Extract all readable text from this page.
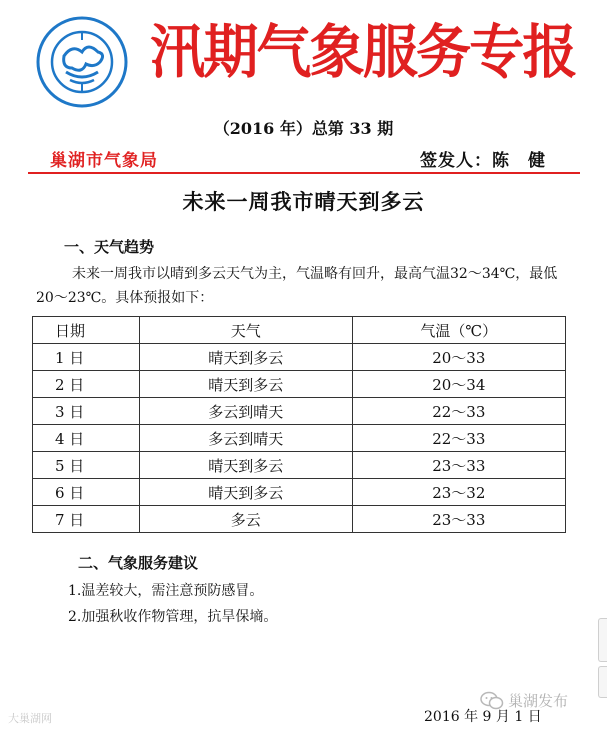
汛期气象服务专报
（2016 年）总第 33 期
巢湖市气象局	签发人：陈　健
未来一周我市晴天到多云
一、天气趋势
未来一周我市以晴到多云天气为主，气温略有回升，最高气温32～34℃，最低 20～23℃。具体预报如下：
日期	天气	气温（℃）
1 日	晴天到多云	20～33
2 日	晴天到多云	20～34
3 日	多云到晴天	22～33
4 日	多云到晴天	22～33
5 日	晴天到多云	23～33
6 日	晴天到多云	23～32
7 日	多云	23～33
二、气象服务建议
1.温差较大，需注意预防感冒。
2.加强秋收作物管理，抗旱保墒。
2016 年 9 月 1 日
大巢湖网
巢湖发布
